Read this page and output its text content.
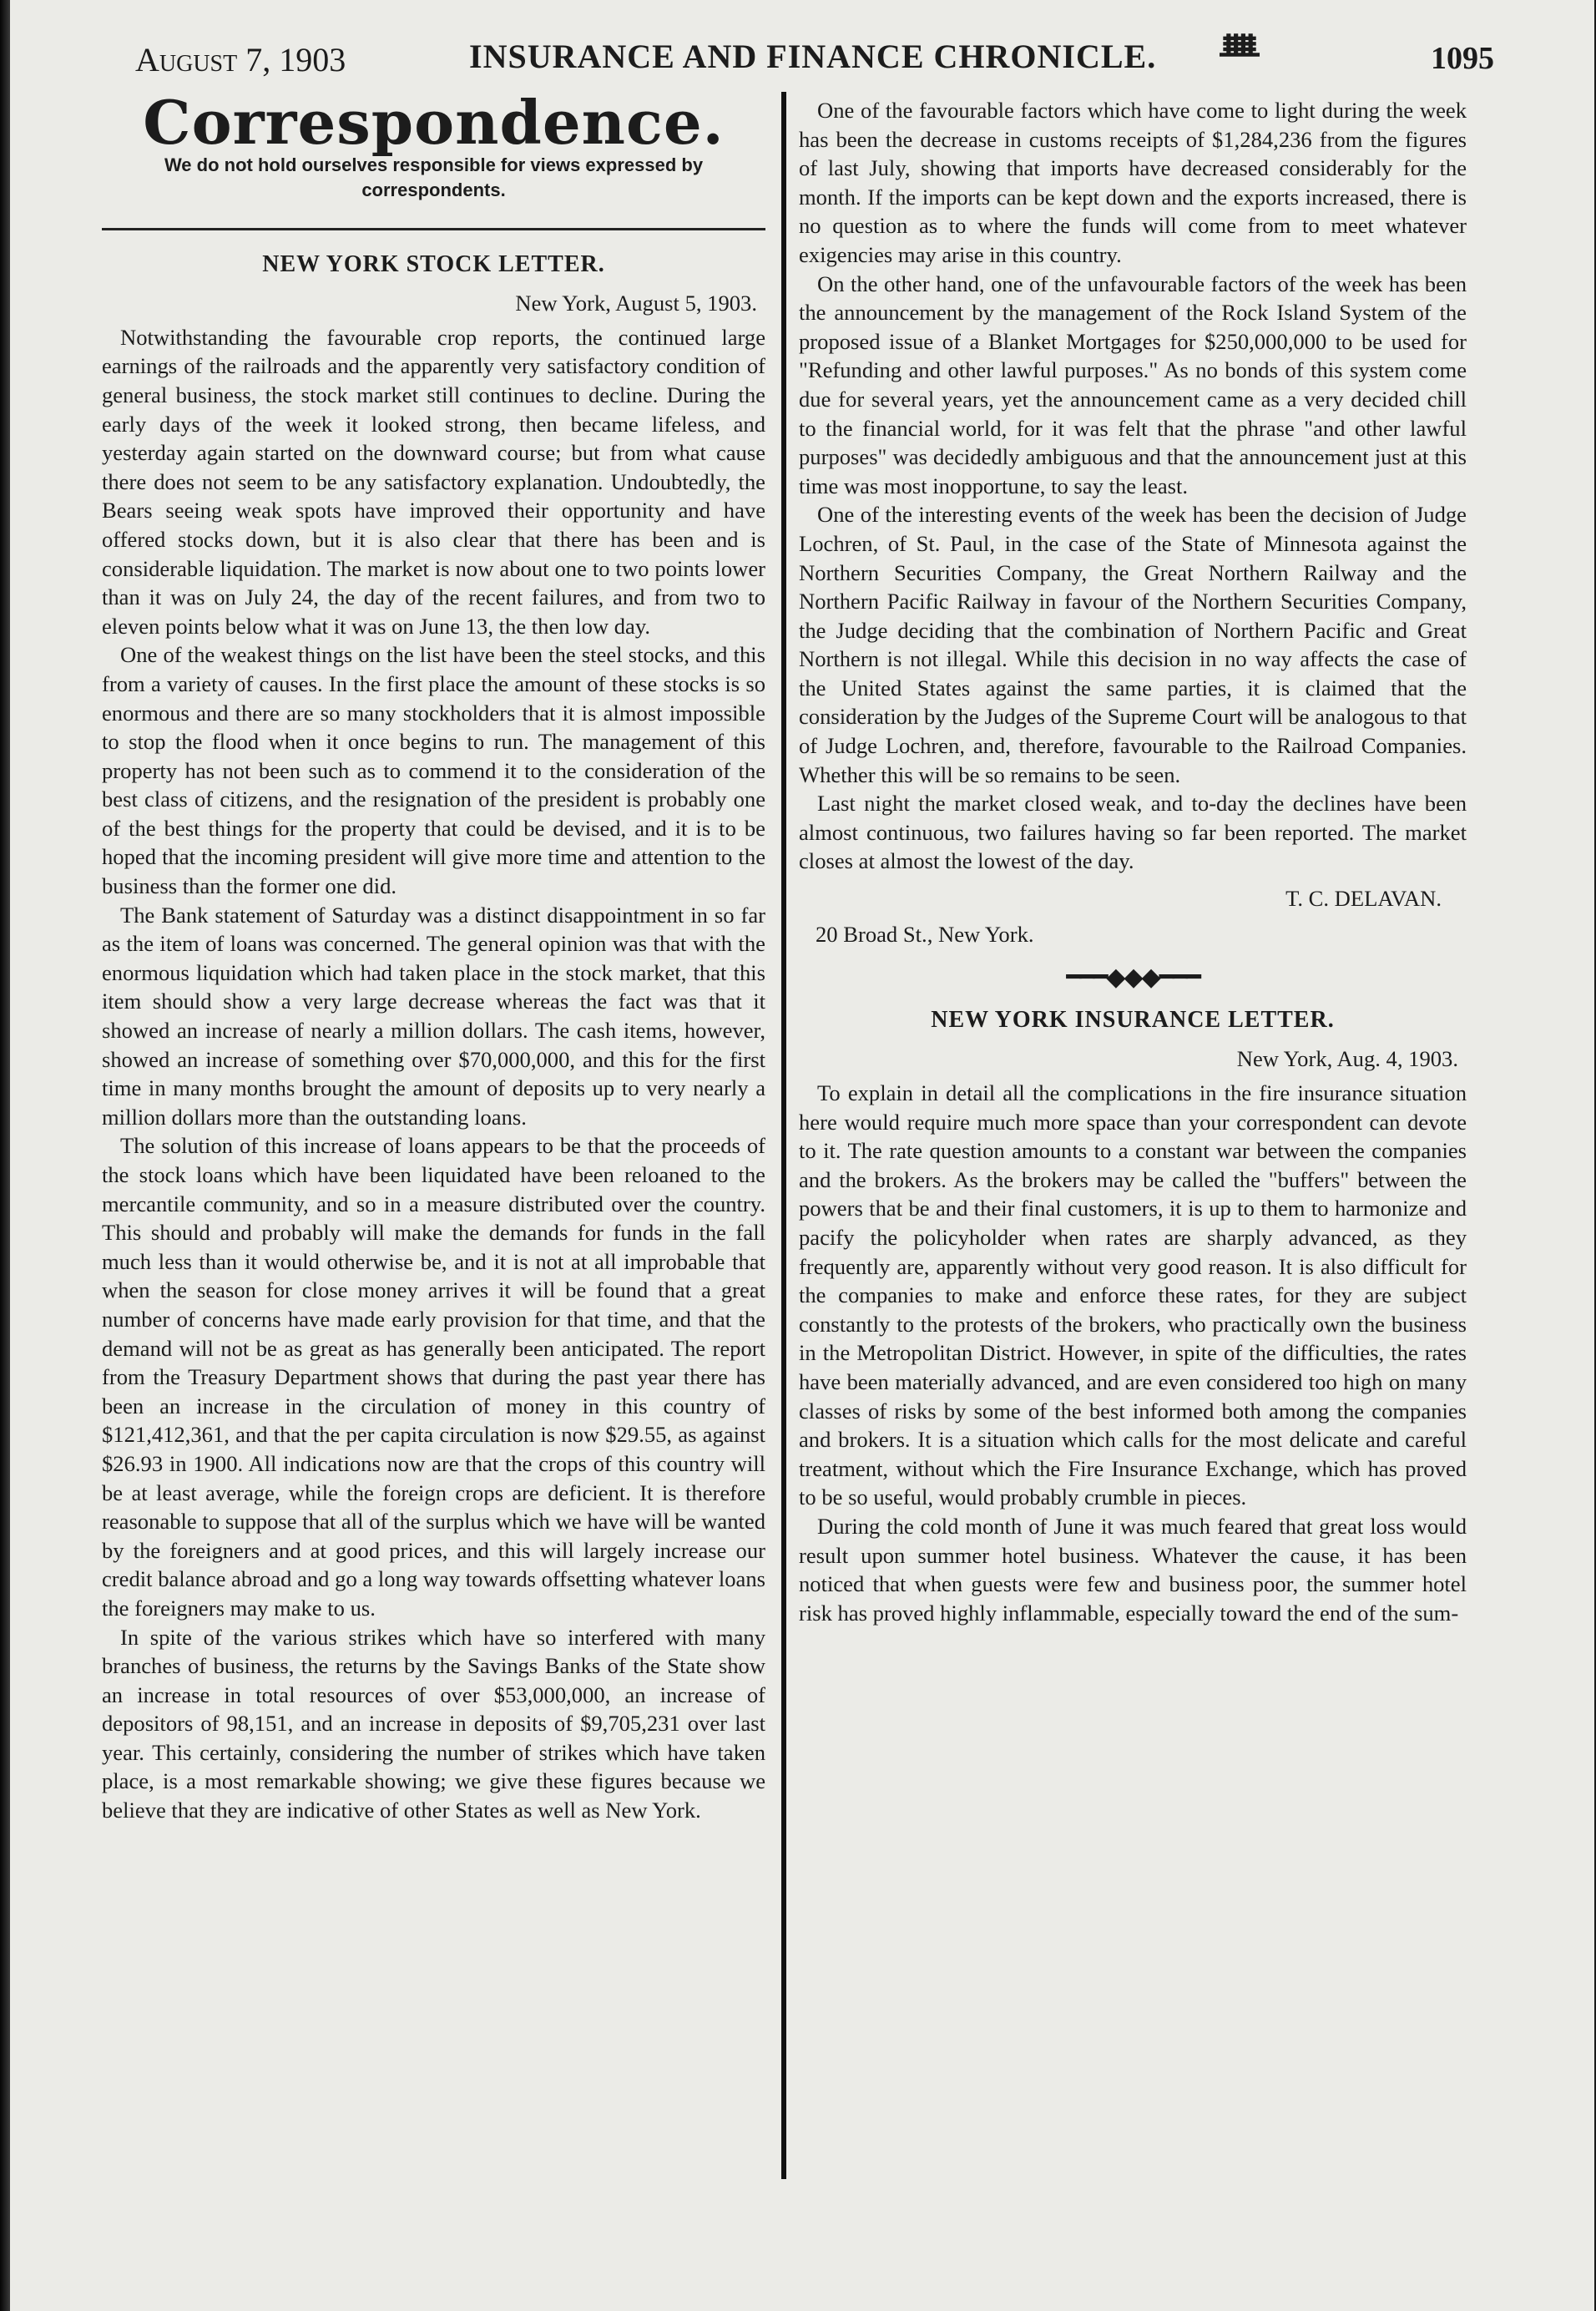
August 7, 1903	INSURANCE AND FINANCE CHRONICLE. ᚙ	1095
Correspondence.
We do not hold ourselves responsible for views expressed by correspondents.
NEW YORK STOCK LETTER.
New York, August 5, 1903.

Notwithstanding the favourable crop reports, the continued large earnings of the railroads and the apparently very satisfactory condition of general business, the stock market still continues to decline. During the early days of the week it looked strong, then became lifeless, and yesterday again started on the downward course; but from what cause there does not seem to be any satisfactory explanation. Undoubtedly, the Bears seeing weak spots have improved their opportunity and have offered stocks down, but it is also clear that there has been and is considerable liquidation. The market is now about one to two points lower than it was on July 24, the day of the recent failures, and from two to eleven points below what it was on June 13, the then low day.

One of the weakest things on the list have been the steel stocks, and this from a variety of causes. In the first place the amount of these stocks is so enormous and there are so many stockholders that it is almost impossible to stop the flood when it once begins to run. The management of this property has not been such as to commend it to the consideration of the best class of citizens, and the resignation of the president is probably one of the best things for the property that could be devised, and it is to be hoped that the incoming president will give more time and attention to the business than the former one did.

The Bank statement of Saturday was a distinct disappointment in so far as the item of loans was concerned. The general opinion was that with the enormous liquidation which had taken place in the stock market, that this item should show a very large decrease whereas the fact was that it showed an increase of nearly a million dollars. The cash items, however, showed an increase of something over $70,000,000, and this for the first time in many months brought the amount of deposits up to very nearly a million dollars more than the outstanding loans.

The solution of this increase of loans appears to be that the proceeds of the stock loans which have been liquidated have been reloaned to the mercantile community, and so in a measure distributed over the country. This should and probably will make the demands for funds in the fall much less than it would otherwise be, and it is not at all improbable that when the season for close money arrives it will be found that a great number of concerns have made early provision for that time, and that the demand will not be as great as has generally been anticipated. The report from the Treasury Department shows that during the past year there has been an increase in the circulation of money in this country of $121,412,361, and that the per capita circulation is now $29.55, as against $26.93 in 1900. All indications now are that the crops of this country will be at least average, while the foreign crops are deficient. It is therefore reasonable to suppose that all of the surplus which we have will be wanted by the foreigners and at good prices, and this will largely increase our credit balance abroad and go a long way towards offsetting whatever loans the foreigners may make to us.

In spite of the various strikes which have so interfered with many branches of business, the returns by the Savings Banks of the State show an increase in total resources of over $53,000,000, an increase of depositors of 98,151, and an increase in deposits of $9,705,231 over last year. This certainly, considering the number of strikes which have taken place, is a most remarkable showing; we give these figures because we believe that they are indicative of other States as well as New York.

One of the favourable factors which have come to light during the week has been the decrease in customs receipts of $1,284,236 from the figures of last July, showing that imports have decreased considerably for the month. If the imports can be kept down and the exports increased, there is no question as to where the funds will come from to meet whatever exigencies may arise in this country.

On the other hand, one of the unfavourable factors of the week has been the announcement by the management of the Rock Island System of the proposed issue of a Blanket Mortgages for $250,000,000 to be used for "Refunding and other lawful purposes." As no bonds of this system come due for several years, yet the announcement came as a very decided chill to the financial world, for it was felt that the phrase "and other lawful purposes" was decidedly ambiguous and that the announcement just at this time was most inopportune, to say the least.

One of the interesting events of the week has been the decision of Judge Lochren, of St. Paul, in the case of the State of Minnesota against the Northern Securities Company, the Great Northern Railway and the Northern Pacific Railway in favour of the Northern Securities Company, the Judge deciding that the combination of Northern Pacific and Great Northern is not illegal. While this decision in no way affects the case of the United States against the same parties, it is claimed that the consideration by the Judges of the Supreme Court will be analogous to that of Judge Lochren, and, therefore, favourable to the Railroad Companies. Whether this will be so remains to be seen.

Last night the market closed weak, and to-day the declines have been almost continuous, two failures having so far been reported. The market closes at almost the lowest of the day.

T. C. DELAVAN.
20 Broad St., New York.
━━━◆◆◆━━━
NEW YORK INSURANCE LETTER.
New York, Aug. 4, 1903.

To explain in detail all the complications in the fire insurance situation here would require much more space than your correspondent can devote to it. The rate question amounts to a constant war between the companies and the brokers. As the brokers may be called the "buffers" between the powers that be and their final customers, it is up to them to harmonize and pacify the policyholder when rates are sharply advanced, as they frequently are, apparently without very good reason. It is also difficult for the companies to make and enforce these rates, for they are subject constantly to the protests of the brokers, who practically own the business in the Metropolitan District. However, in spite of the difficulties, the rates have been materially advanced, and are even considered too high on many classes of risks by some of the best informed both among the companies and brokers. It is a situation which calls for the most delicate and careful treatment, without which the Fire Insurance Exchange, which has proved to be so useful, would probably crumble in pieces.

During the cold month of June it was much feared that great loss would result upon summer hotel business. Whatever the cause, it has been noticed that when guests were few and business poor, the summer hotel risk has proved highly inflammable, especially toward the end of the sum-
